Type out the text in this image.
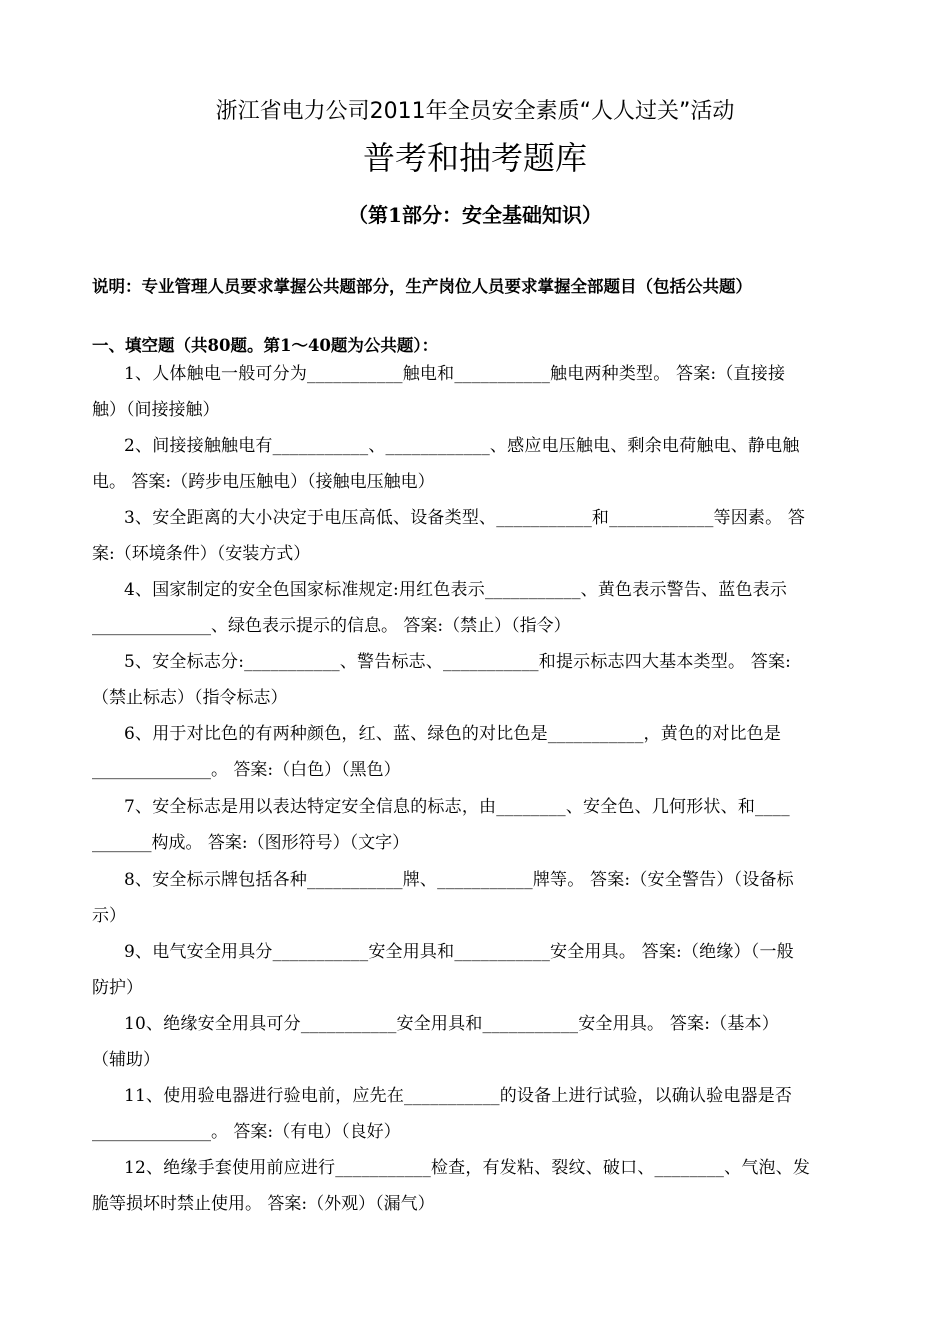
浙江省电力公司2011年全员安全素质“人人过关”活动
普考和抽考题库
（第1部分：安全基础知识）
说明：专业管理人员要求掌握公共题部分，生产岗位人员要求掌握全部题目（包括公共题）
一、填空题（共80题。第1～40题为公共题）：
1、人体触电一般可分为___________触电和___________触电两种类型。 答案:（直接接
触）（间接接触）
2、间接接触触电有___________、____________、感应电压触电、剩余电荷触电、静电触
电。 答案:（跨步电压触电）（接触电压触电）
3、安全距离的大小决定于电压高低、设备类型、___________和____________等因素。 答
案:（环境条件）（安装方式）
4、国家制定的安全色国家标准规定:用红色表示___________、黄色表示警告、蓝色表示
______________、绿色表示提示的信息。 答案:（禁止）（指令）
5、安全标志分:___________、警告标志、___________和提示标志四大基本类型。 答案:
（禁止标志）（指令标志）
6、用于对比色的有两种颜色，红、蓝、绿色的对比色是___________，黄色的对比色是
______________。 答案:（白色）（黑色）
7、安全标志是用以表达特定安全信息的标志，由________、安全色、几何形状、和____
_______构成。 答案:（图形符号）（文字）
8、安全标示牌包括各种___________牌、___________牌等。 答案:（安全警告）（设备标
示）
9、电气安全用具分___________安全用具和___________安全用具。 答案:（绝缘）（一般
防护）
10、绝缘安全用具可分___________安全用具和___________安全用具。 答案:（基本）
（辅助）
11、使用验电器进行验电前，应先在___________的设备上进行试验，以确认验电器是否
______________。 答案:（有电）（良好）
12、绝缘手套使用前应进行___________检查，有发粘、裂纹、破口、________、气泡、发
脆等损坏时禁止使用。 答案:（外观）（漏气）
